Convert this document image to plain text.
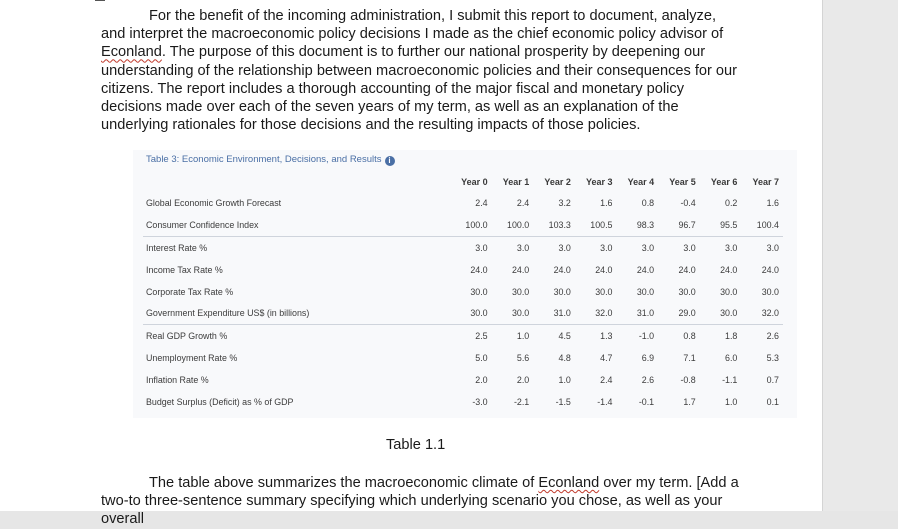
For the benefit of the incoming administration, I submit this report to document, analyze, and interpret the macroeconomic policy decisions I made as the chief economic policy advisor of Econland. The purpose of this document is to further our national prosperity by deepening our understanding of the relationship between macroeconomic policies and their consequences for our citizens. The report includes a thorough accounting of the major fiscal and monetary policy decisions made over each of the seven years of my term, as well as an explanation of the underlying rationales for those decisions and the resulting impacts of those policies.

Table 3: Economic Environment, Decisions, and Results i
	Year 0	Year 1	Year 2	Year 3	Year 4	Year 5	Year 6	Year 7
Global Economic Growth Forecast	2.4	2.4	3.2	1.6	0.8	-0.4	0.2	1.6
Consumer Confidence Index	100.0	100.0	103.3	100.5	98.3	96.7	95.5	100.4
Interest Rate %	3.0	3.0	3.0	3.0	3.0	3.0	3.0	3.0
Income Tax Rate %	24.0	24.0	24.0	24.0	24.0	24.0	24.0	24.0
Corporate Tax Rate %	30.0	30.0	30.0	30.0	30.0	30.0	30.0	30.0
Government Expenditure US$ (in billions)	30.0	30.0	31.0	32.0	31.0	29.0	30.0	32.0
Real GDP Growth %	2.5	1.0	4.5	1.3	-1.0	0.8	1.8	2.6
Unemployment Rate %	5.0	5.6	4.8	4.7	6.9	7.1	6.0	5.3
Inflation Rate %	2.0	2.0	1.0	2.4	2.6	-0.8	-1.1	0.7
Budget Surplus (Deficit) as % of GDP	-3.0	-2.1	-1.5	-1.4	-0.1	1.7	1.0	0.1
Table 1.1

The table above summarizes the macroeconomic climate of Econland over my term. [Add a two-to three-sentence summary specifying which underlying scenario you chose, as well as your overall
